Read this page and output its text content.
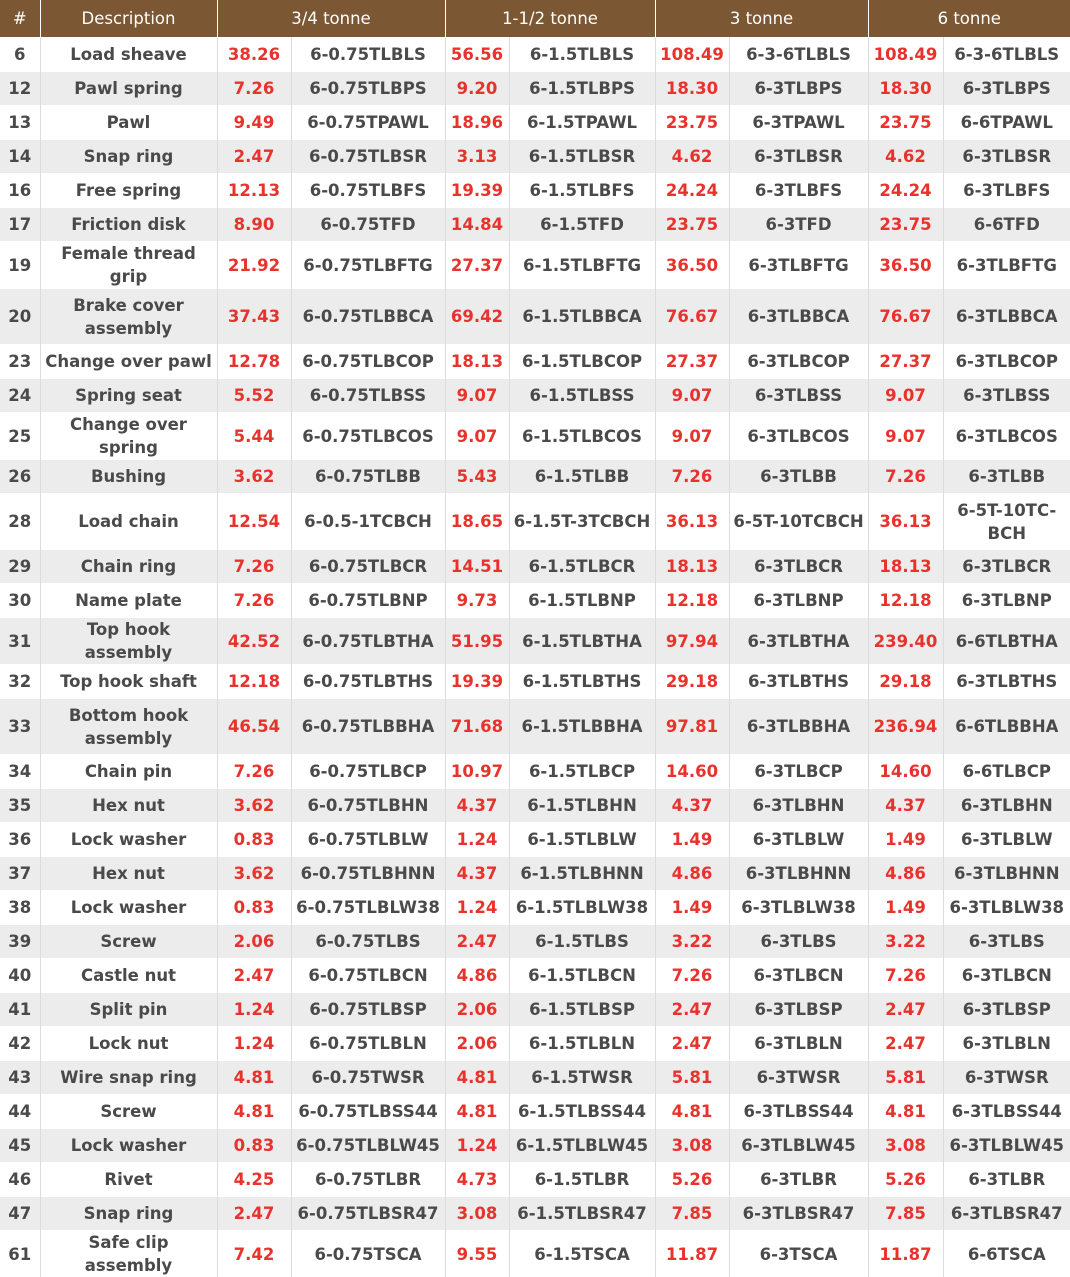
#	Description	3/4 tonne		1-1/2 tonne		3 tonne		6 tonne	
6	Load sheave	38.26	6-0.75TLBLS	56.56	6-1.5TLBLS	108.49	6-3-6TLBLS	108.49	6-3-6TLBLS
12	Pawl spring	7.26	6-0.75TLBPS	9.20	6-1.5TLBPS	18.30	6-3TLBPS	18.30	6-3TLBPS
13	Pawl	9.49	6-0.75TPAWL	18.96	6-1.5TPAWL	23.75	6-3TPAWL	23.75	6-6TPAWL
14	Snap ring	2.47	6-0.75TLBSR	3.13	6-1.5TLBSR	4.62	6-3TLBSR	4.62	6-3TLBSR
16	Free spring	12.13	6-0.75TLBFS	19.39	6-1.5TLBFS	24.24	6-3TLBFS	24.24	6-3TLBFS
17	Friction disk	8.90	6-0.75TFD	14.84	6-1.5TFD	23.75	6-3TFD	23.75	6-6TFD
19	Female thread grip	21.92	6-0.75TLBFTG	27.37	6-1.5TLBFTG	36.50	6-3TLBFTG	36.50	6-3TLBFTG
20	Brake cover assembly	37.43	6-0.75TLBBCA	69.42	6-1.5TLBBCA	76.67	6-3TLBBCA	76.67	6-3TLBBCA
23	Change over pawl	12.78	6-0.75TLBCOP	18.13	6-1.5TLBCOP	27.37	6-3TLBCOP	27.37	6-3TLBCOP
24	Spring seat	5.52	6-0.75TLBSS	9.07	6-1.5TLBSS	9.07	6-3TLBSS	9.07	6-3TLBSS
25	Change over spring	5.44	6-0.75TLBCOS	9.07	6-1.5TLBCOS	9.07	6-3TLBCOS	9.07	6-3TLBCOS
26	Bushing	3.62	6-0.75TLBB	5.43	6-1.5TLBB	7.26	6-3TLBB	7.26	6-3TLBB
28	Load chain	12.54	6-0.5-1TCBCH	18.65	6-1.5T-3TCBCH	36.13	6-5T-10TCBCH	36.13	6-5T-10TC-BCH
29	Chain ring	7.26	6-0.75TLBCR	14.51	6-1.5TLBCR	18.13	6-3TLBCR	18.13	6-3TLBCR
30	Name plate	7.26	6-0.75TLBNP	9.73	6-1.5TLBNP	12.18	6-3TLBNP	12.18	6-3TLBNP
31	Top hook assembly	42.52	6-0.75TLBTHA	51.95	6-1.5TLBTHA	97.94	6-3TLBTHA	239.40	6-6TLBTHA
32	Top hook shaft	12.18	6-0.75TLBTHS	19.39	6-1.5TLBTHS	29.18	6-3TLBTHS	29.18	6-3TLBTHS
33	Bottom hook assembly	46.54	6-0.75TLBBHA	71.68	6-1.5TLBBHA	97.81	6-3TLBBHA	236.94	6-6TLBBHA
34	Chain pin	7.26	6-0.75TLBCP	10.97	6-1.5TLBCP	14.60	6-3TLBCP	14.60	6-6TLBCP
35	Hex nut	3.62	6-0.75TLBHN	4.37	6-1.5TLBHN	4.37	6-3TLBHN	4.37	6-3TLBHN
36	Lock washer	0.83	6-0.75TLBLW	1.24	6-1.5TLBLW	1.49	6-3TLBLW	1.49	6-3TLBLW
37	Hex nut	3.62	6-0.75TLBHNN	4.37	6-1.5TLBHNN	4.86	6-3TLBHNN	4.86	6-3TLBHNN
38	Lock washer	0.83	6-0.75TLBLW38	1.24	6-1.5TLBLW38	1.49	6-3TLBLW38	1.49	6-3TLBLW38
39	Screw	2.06	6-0.75TLBS	2.47	6-1.5TLBS	3.22	6-3TLBS	3.22	6-3TLBS
40	Castle nut	2.47	6-0.75TLBCN	4.86	6-1.5TLBCN	7.26	6-3TLBCN	7.26	6-3TLBCN
41	Split pin	1.24	6-0.75TLBSP	2.06	6-1.5TLBSP	2.47	6-3TLBSP	2.47	6-3TLBSP
42	Lock nut	1.24	6-0.75TLBLN	2.06	6-1.5TLBLN	2.47	6-3TLBLN	2.47	6-3TLBLN
43	Wire snap ring	4.81	6-0.75TWSR	4.81	6-1.5TWSR	5.81	6-3TWSR	5.81	6-3TWSR
44	Screw	4.81	6-0.75TLBSS44	4.81	6-1.5TLBSS44	4.81	6-3TLBSS44	4.81	6-3TLBSS44
45	Lock washer	0.83	6-0.75TLBLW45	1.24	6-1.5TLBLW45	3.08	6-3TLBLW45	3.08	6-3TLBLW45
46	Rivet	4.25	6-0.75TLBR	4.73	6-1.5TLBR	5.26	6-3TLBR	5.26	6-3TLBR
47	Snap ring	2.47	6-0.75TLBSR47	3.08	6-1.5TLBSR47	7.85	6-3TLBSR47	7.85	6-3TLBSR47
61	Safe clip assembly	7.42	6-0.75TSCA	9.55	6-1.5TSCA	11.87	6-3TSCA	11.87	6-6TSCA
